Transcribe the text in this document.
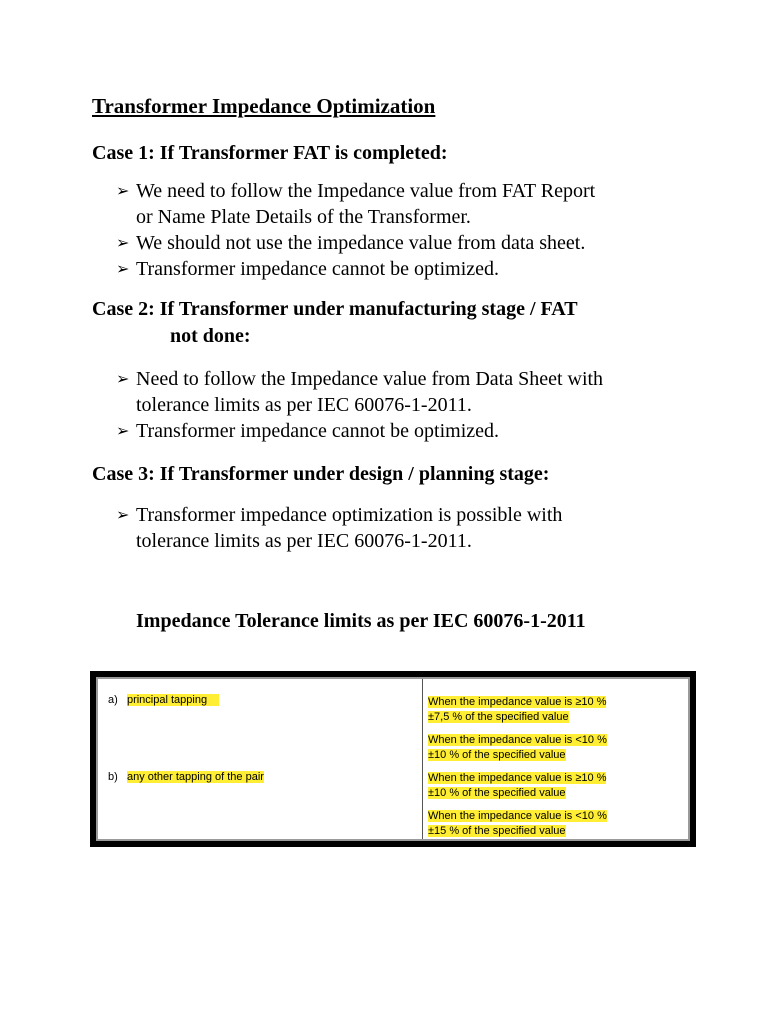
Transformer Impedance Optimization
Case 1: If Transformer FAT is completed:
➢ We need to follow the Impedance value from FAT Report
or Name Plate Details of the Transformer.
➢ We should not use the impedance value from data sheet.
➢ Transformer impedance cannot be optimized.
Case 2: If Transformer under manufacturing stage / FAT
not done:
➢ Need to follow the Impedance value from Data Sheet with
tolerance limits as per IEC 60076-1-2011.
➢ Transformer impedance cannot be optimized.
Case 3: If Transformer under design / planning stage:
➢ Transformer impedance optimization is possible with
tolerance limits as per IEC 60076-1-2011.
Impedance Tolerance limits as per IEC 60076-1-2011
a) principal tapping	When the impedance value is ≥10 %
±7,5 % of the specified value
When the impedance value is <10 %
±10 % of the specified value
b) any other tapping of the pair	When the impedance value is ≥10 %
±10 % of the specified value
When the impedance value is <10 %
±15 % of the specified value
